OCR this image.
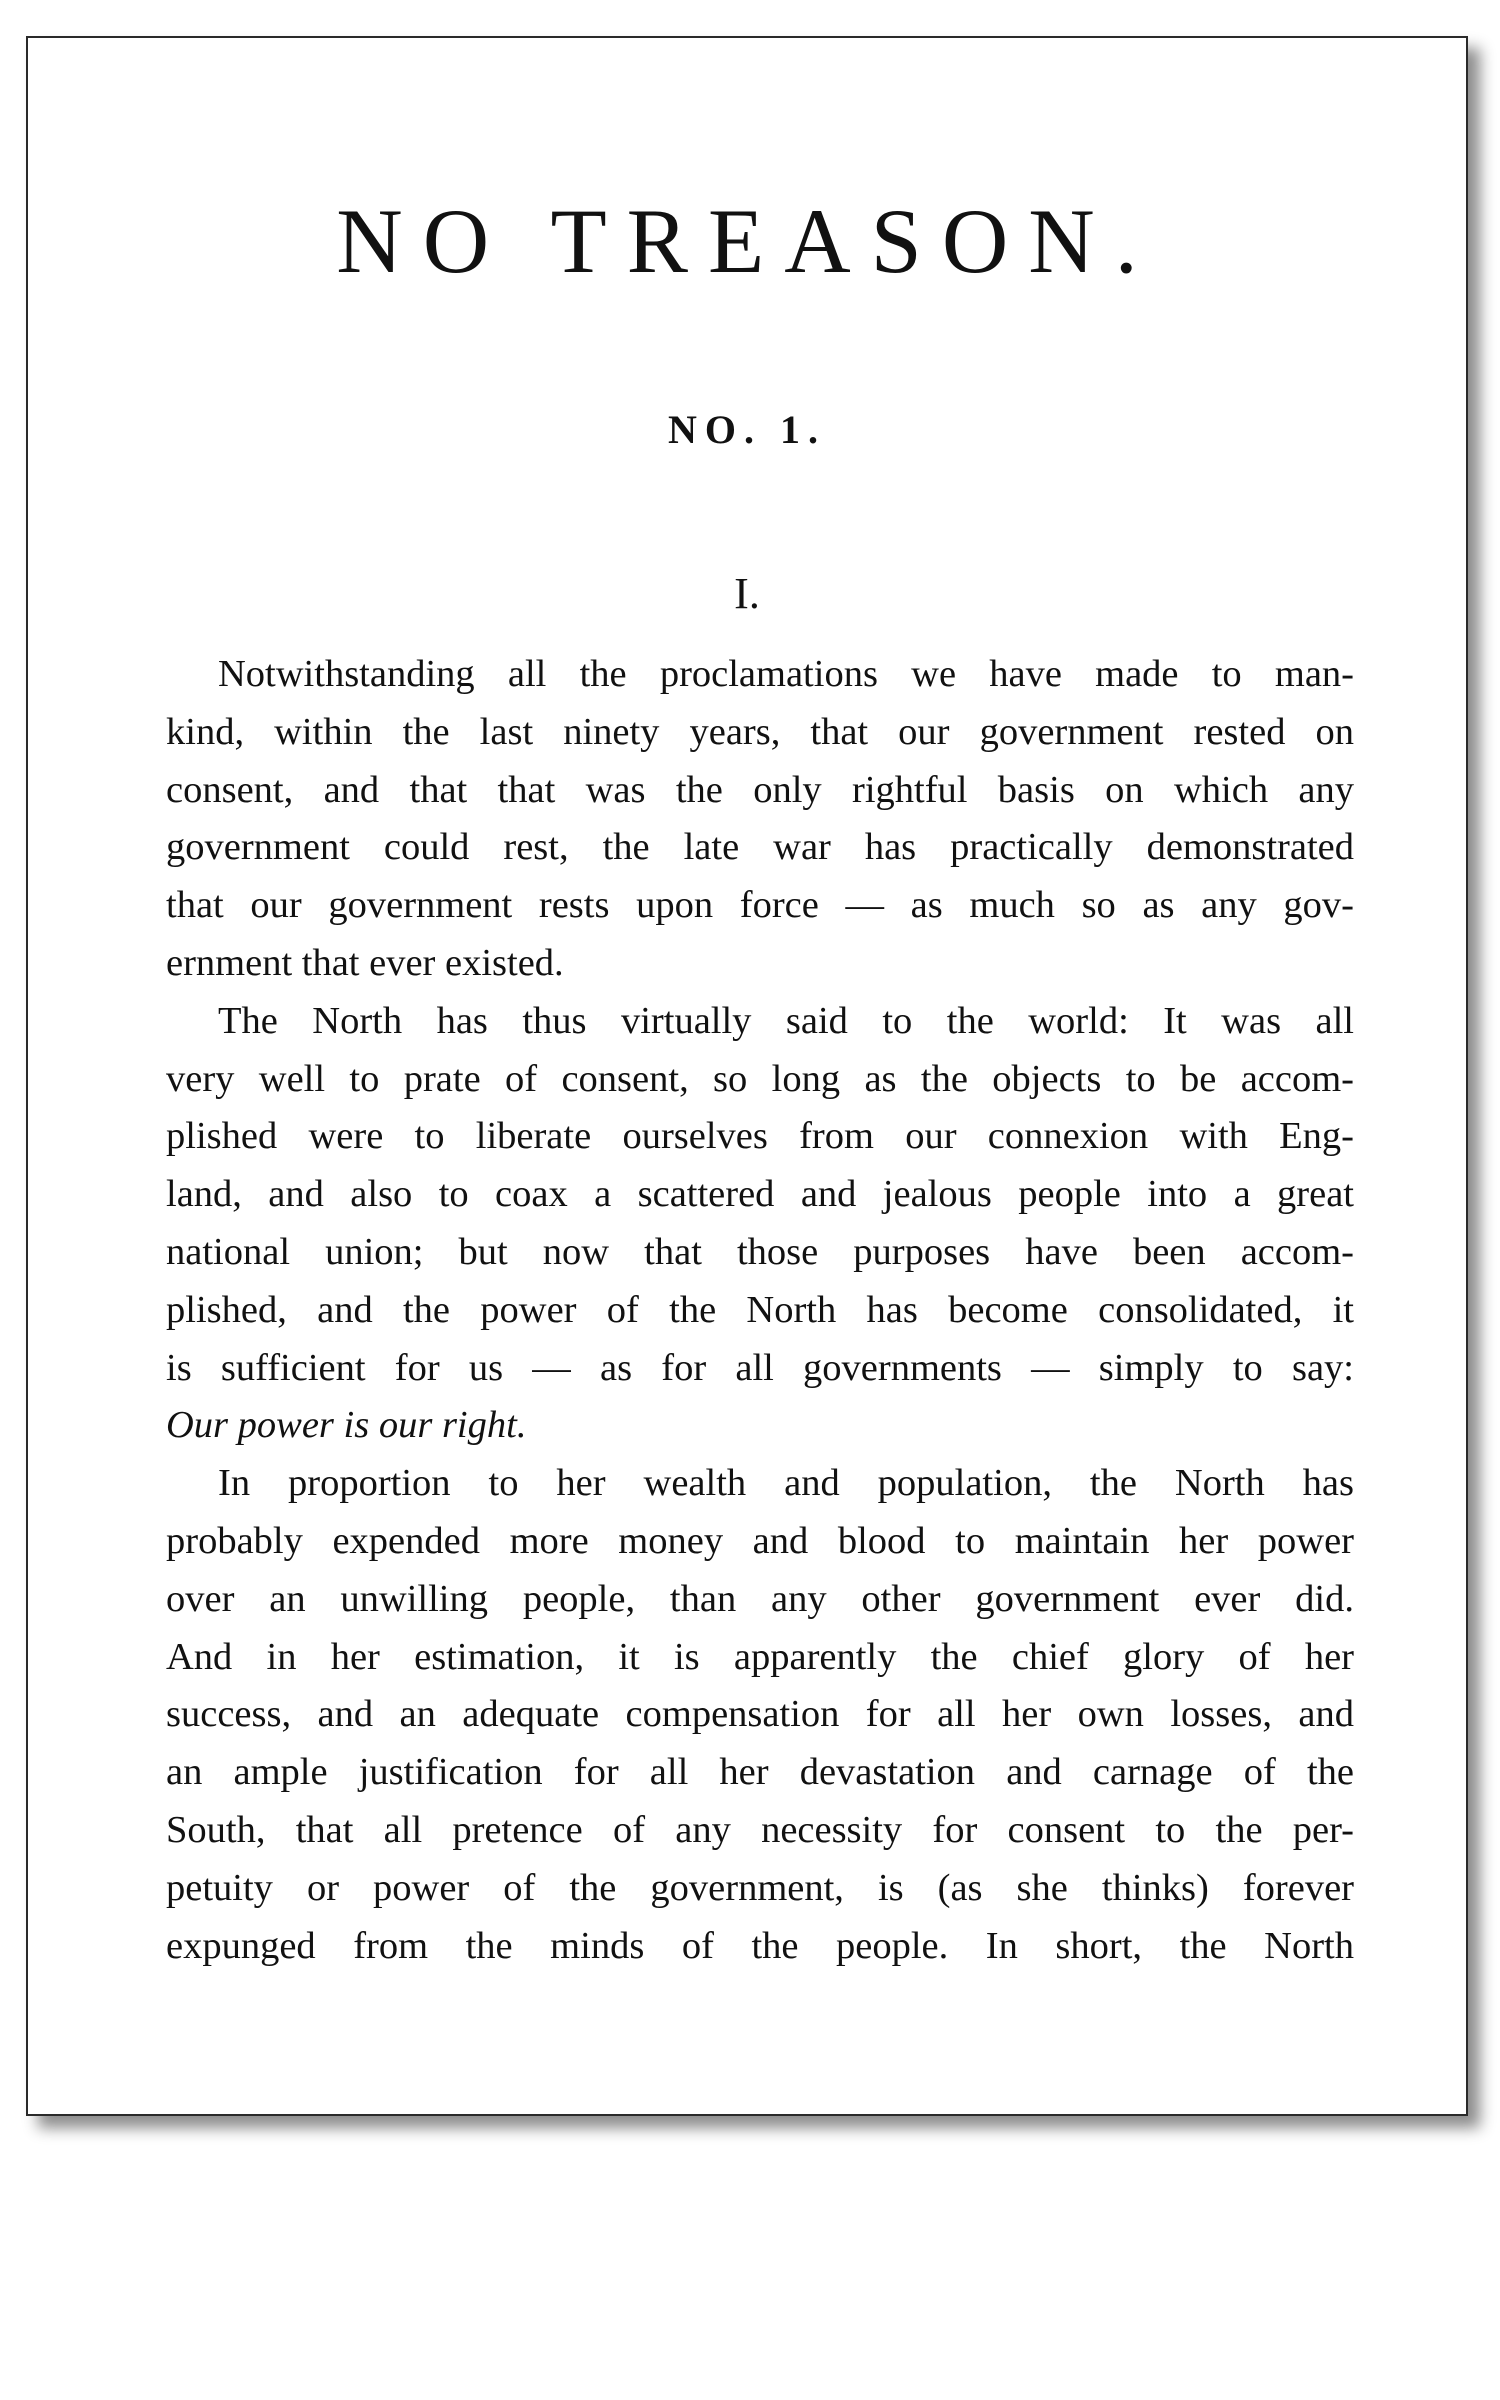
NO TREASON.
NO. 1.
I.
Notwithstanding all the proclamations we have made to man-
kind, within the last ninety years, that our government rested on
consent, and that that was the only rightful basis on which any
government could rest, the late war has practically demonstrated
that our government rests upon force — as much so as any gov-
ernment that ever existed.
The North has thus virtually said to the world: It was all
very well to prate of consent, so long as the objects to be accom-
plished were to liberate ourselves from our connexion with Eng-
land, and also to coax a scattered and jealous people into a great
national union; but now that those purposes have been accom-
plished, and the power of the North has become consolidated, it
is sufficient for us — as for all governments — simply to say:
Our power is our right.
In proportion to her wealth and population, the North has
probably expended more money and blood to maintain her power
over an unwilling people, than any other government ever did.
And in her estimation, it is apparently the chief glory of her
success, and an adequate compensation for all her own losses, and
an ample justification for all her devastation and carnage of the
South, that all pretence of any necessity for consent to the per-
petuity or power of the government, is (as she thinks) forever
expunged from the minds of the people. In short, the North
